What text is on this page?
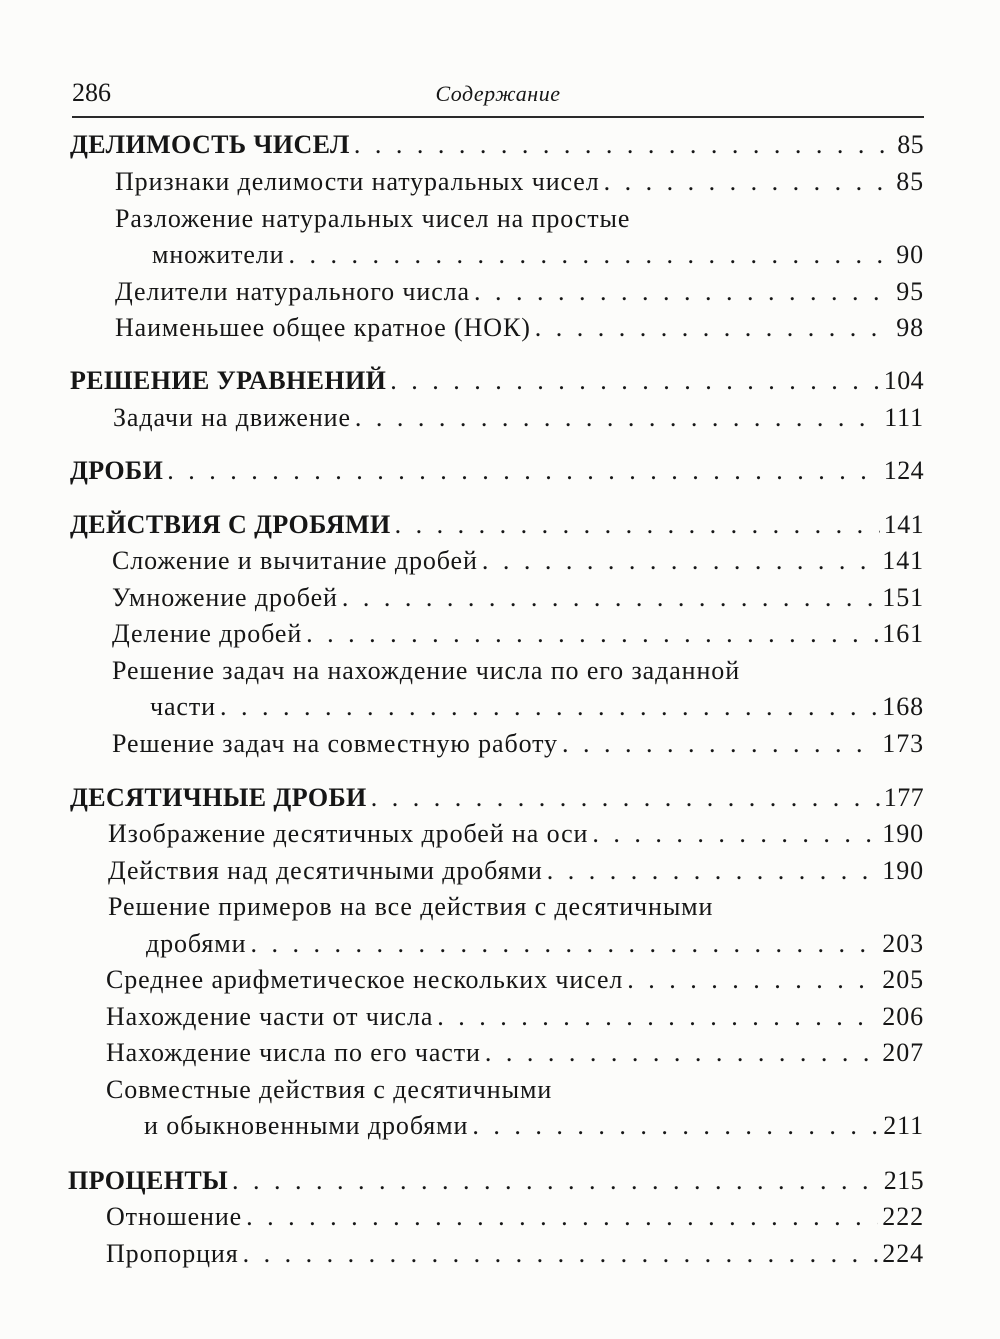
286	Содержание
ДЕЛИМОСТЬ ЧИСЕЛ . . .	85
Признаки делимости натуральных чисел . . .	85
Разложение натуральных чисел на простые
множители . . .	90
Делители натурального числа . . .	95
Наименьшее общее кратное (НОК) . . .	98
РЕШЕНИЕ УРАВНЕНИЙ . . .	104
Задачи на движение . . .	111
ДРОБИ . . .	124
ДЕЙСТВИЯ С ДРОБЯМИ . . .	141
Сложение и вычитание дробей . . .	141
Умножение дробей . . .	151
Деление дробей . . .	161
Решение задач на нахождение числа по его заданной
части . . .	168
Решение задач на совместную работу . . .	173
ДЕСЯТИЧНЫЕ ДРОБИ . . .	177
Изображение десятичных дробей на оси . . .	190
Действия над десятичными дробями . . .	190
Решение примеров на все действия с десятичными
дробями . . .	203
Среднее арифметическое нескольких чисел . . .	205
Нахождение части от числа . . .	206
Нахождение числа по его части . . .	207
Совместные действия с десятичными
и обыкновенными дробями . . .	211
ПРОЦЕНТЫ . . .	215
Отношение . . .	222
Пропорция . . .	224
